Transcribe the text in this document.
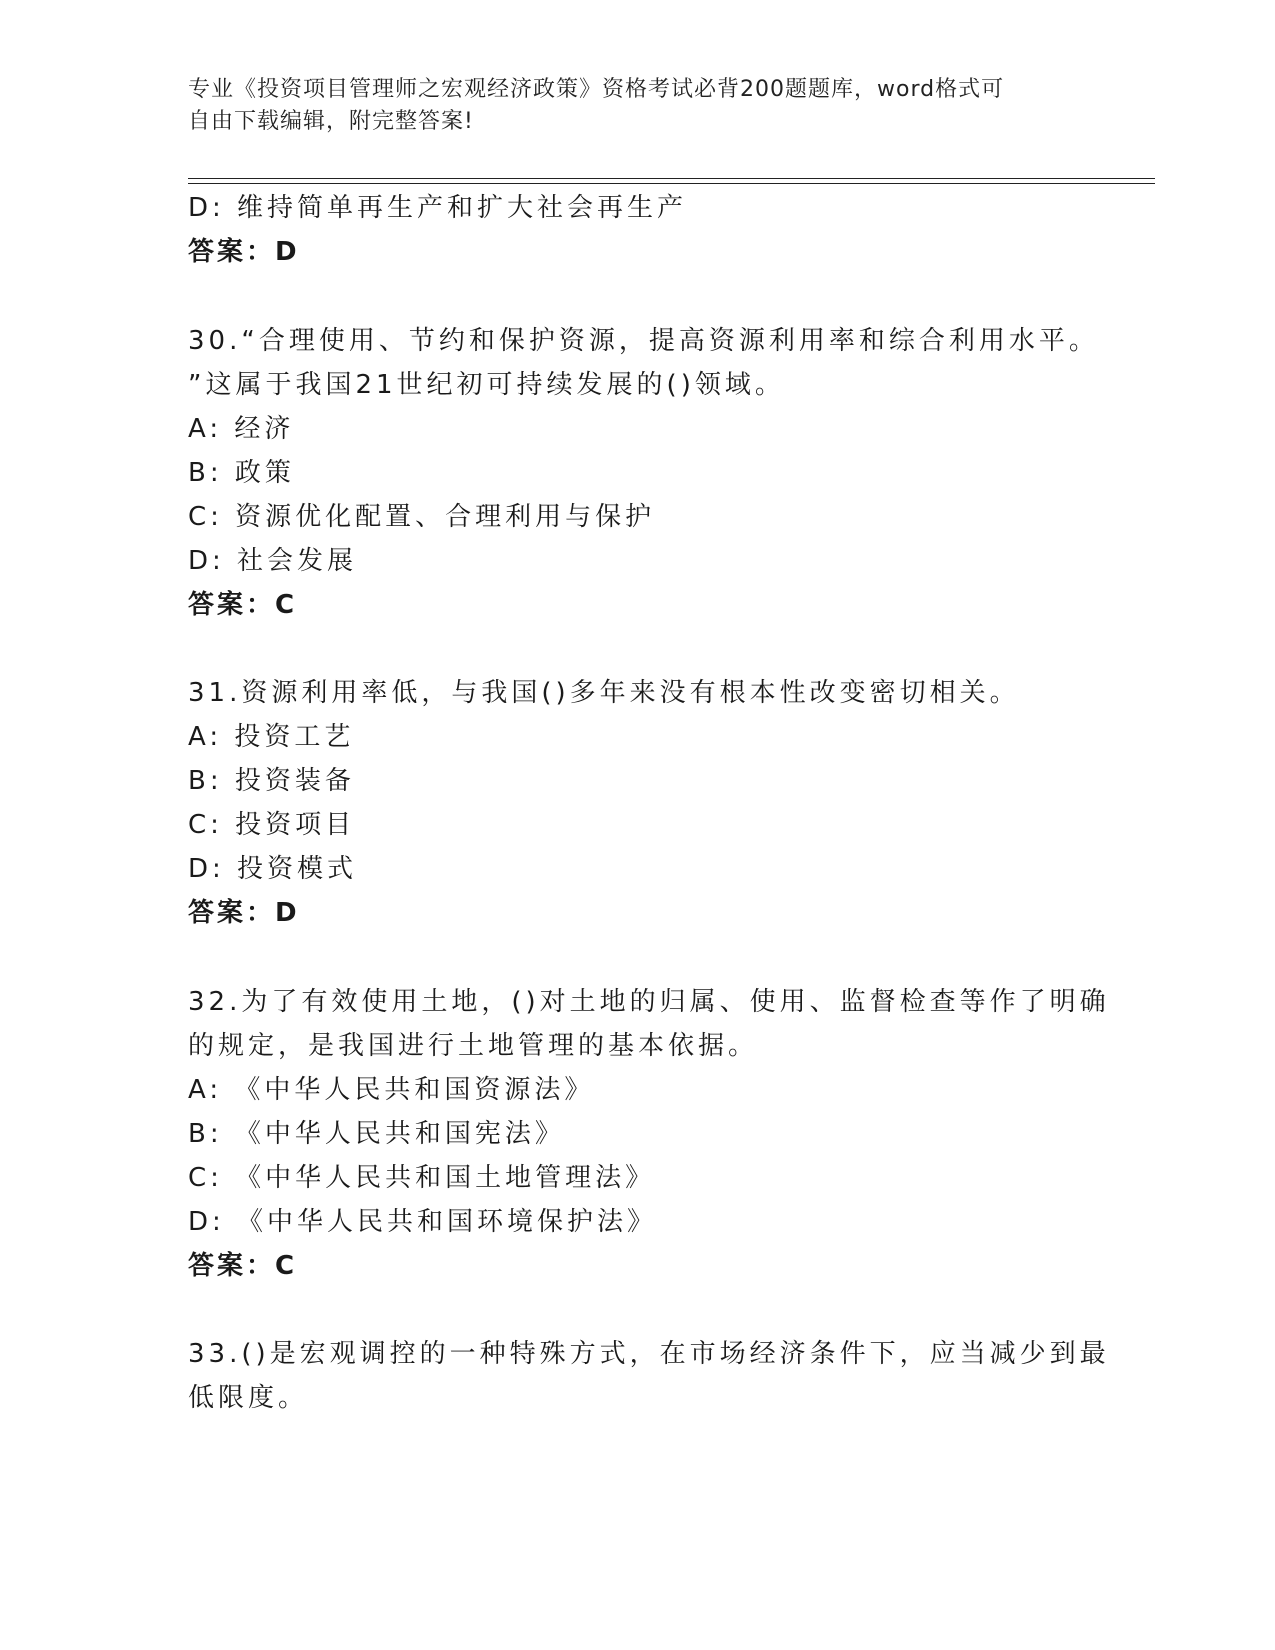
专业《投资项目管理师之宏观经济政策》资格考试必背200题题库，word格式可
自由下载编辑，附完整答案!
D: 维持简单再生产和扩大社会再生产
答案：D
30.“合理使用、节约和保护资源，提高资源利用率和综合利用水平。
”这属于我国21世纪初可持续发展的()领域。
A: 经济
B: 政策
C: 资源优化配置、合理利用与保护
D: 社会发展
答案：C
31.资源利用率低，与我国()多年来没有根本性改变密切相关。
A: 投资工艺
B: 投资装备
C: 投资项目
D: 投资模式
答案：D
32.为了有效使用土地，()对土地的归属、使用、监督检查等作了明确
的规定，是我国进行土地管理的基本依据。
A: 《中华人民共和国资源法》
B: 《中华人民共和国宪法》
C: 《中华人民共和国土地管理法》
D: 《中华人民共和国环境保护法》
答案：C
33.()是宏观调控的一种特殊方式，在市场经济条件下，应当减少到最
低限度。
